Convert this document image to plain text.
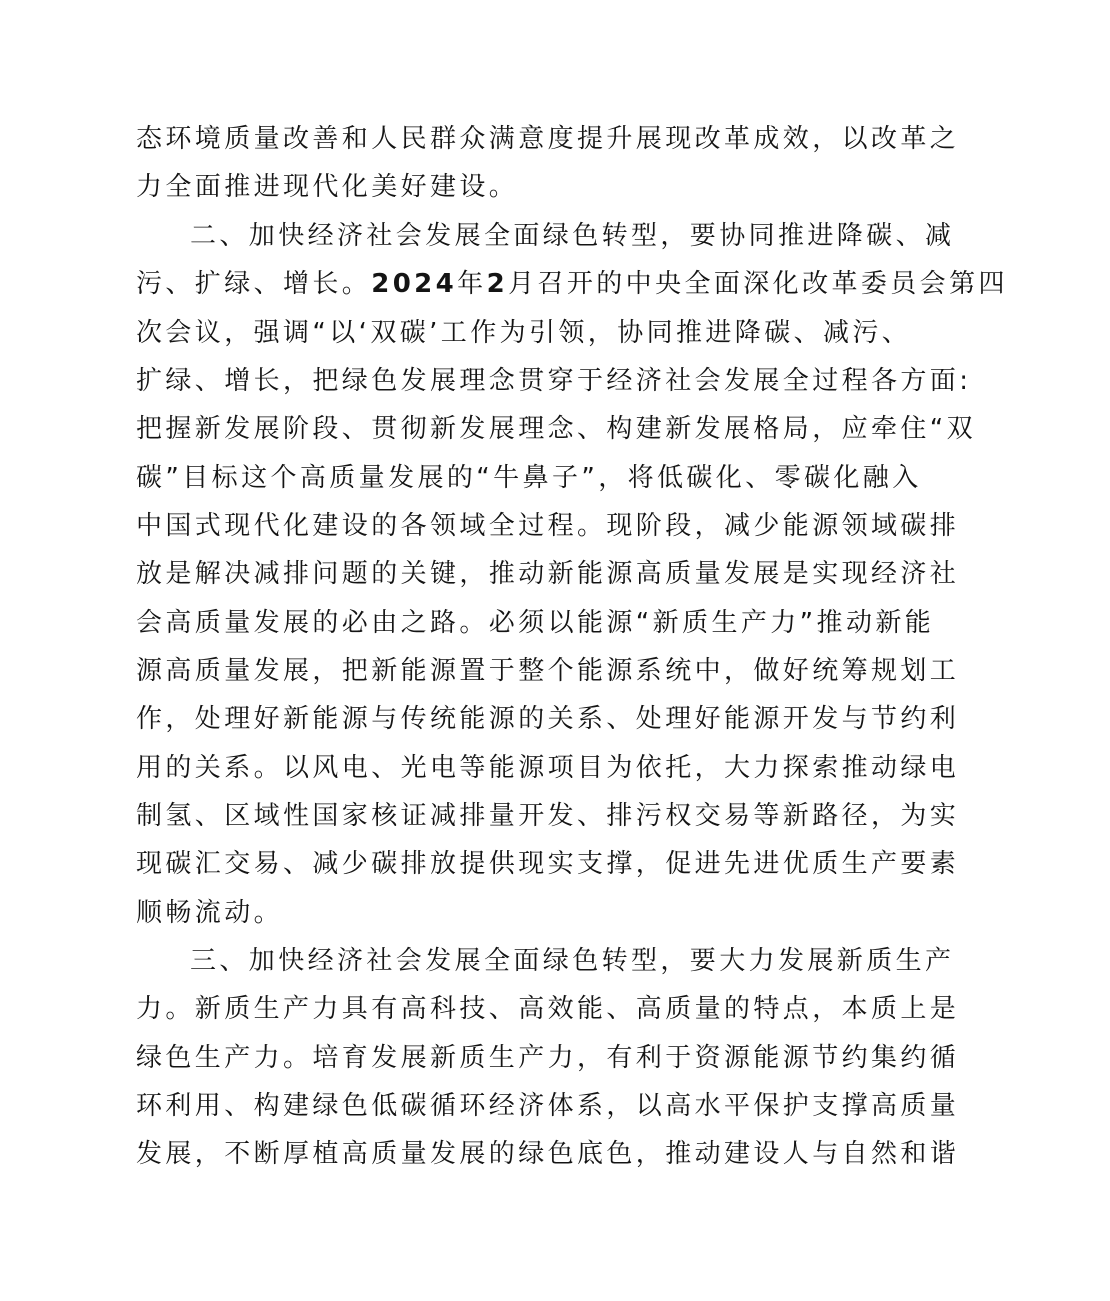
态环境质量改善和人民群众满意度提升展现改革成效，以改革之
力全面推进现代化美好建设。
二、加快经济社会发展全面绿色转型，要协同推进降碳、减
污、扩绿、增长。2024年2月召开的中央全面深化改革委员会第四
次会议，强调“以‘双碳’工作为引领，协同推进降碳、减污、
扩绿、增长，把绿色发展理念贯穿于经济社会发展全过程各方面:
把握新发展阶段、贯彻新发展理念、构建新发展格局，应牵住“双
碳”目标这个高质量发展的“牛鼻子”，将低碳化、零碳化融入
中国式现代化建设的各领域全过程。现阶段，减少能源领域碳排
放是解决减排问题的关键，推动新能源高质量发展是实现经济社
会高质量发展的必由之路。必须以能源“新质生产力”推动新能
源高质量发展，把新能源置于整个能源系统中，做好统筹规划工
作，处理好新能源与传统能源的关系、处理好能源开发与节约利
用的关系。以风电、光电等能源项目为依托，大力探索推动绿电
制氢、区域性国家核证减排量开发、排污权交易等新路径，为实
现碳汇交易、减少碳排放提供现实支撑，促进先进优质生产要素
顺畅流动。
三、加快经济社会发展全面绿色转型，要大力发展新质生产
力。新质生产力具有高科技、高效能、高质量的特点，本质上是
绿色生产力。培育发展新质生产力，有利于资源能源节约集约循
环利用、构建绿色低碳循环经济体系，以高水平保护支撑高质量
发展，不断厚植高质量发展的绿色底色，推动建设人与自然和谐
